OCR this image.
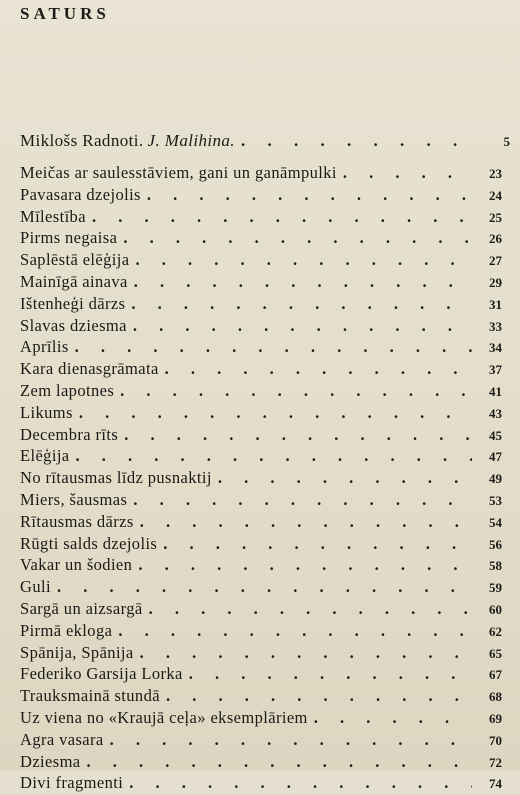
SATURS
Miklošs Radnoti. J. Malihina. . . .	5
Meičas ar saulesstāviem, gani un ganāmpulki . . .	23
Pavasara dzejolis . . .	24
Mīlestība . . .	25
Pirms negaisa . . .	26
Saplēstā elēģija . . .	27
Mainīgā ainava . . .	29
Ištenheģi dārzs . . .	31
Slavas dziesma . . .	33
Aprīlis . . .	34
Kara dienasgrāmata . . .	37
Zem lapotnes . . .	41
Likums . . .	43
Decembra rīts . . .	45
Elēģija . . .	47
No rītausmas līdz pusnaktij . . .	49
Miers, šausmas . . .	53
Rītausmas dārzs . . .	54
Rūgti salds dzejolis . . .	56
Vakar un šodien . . .	58
Guli . . .	59
Sargā un aizsargā . . .	60
Pirmā ekloga . . .	62
Spānija, Spānija . . .	65
Federiko Garsija Lorka . . .	67
Trauksmainā stundā . . .	68
Uz viena no «Kraujā ceļa» eksemplāriem . . .	69
Agra vasara . . .	70
Dziesma . . .	72
Divi fragmenti . . .	74
